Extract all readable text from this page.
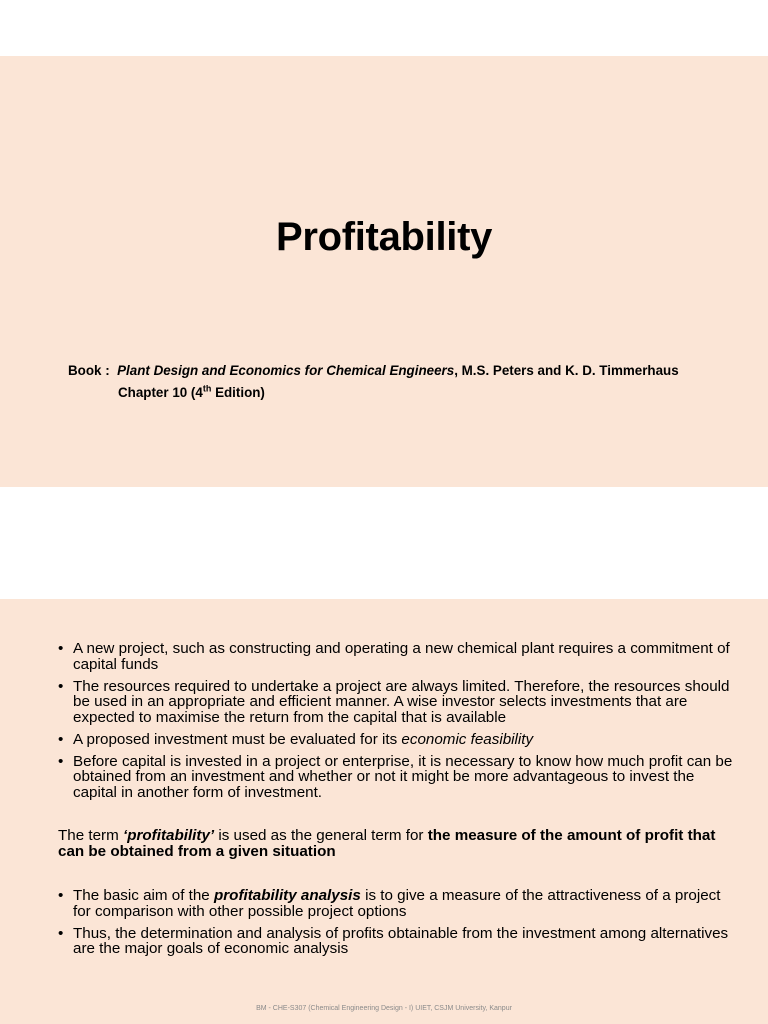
Profitability

Book : Plant Design and Economics for Chemical Engineers, M.S. Peters and K. D. Timmerhaus

Chapter 10 (4th Edition)

• A new project, such as constructing and operating a new chemical plant requires a commitment of capital funds
• The resources required to undertake a project are always limited. Therefore, the resources should be used in an appropriate and efficient manner. A wise investor selects investments that are expected to maximise the return from the capital that is available
• A proposed investment must be evaluated for its economic feasibility
• Before capital is invested in a project or enterprise, it is necessary to know how much profit can be obtained from an investment and whether or not it might be more advantageous to invest the capital in another form of investment.

The term ‘profitability’ is used as the general term for the measure of the amount of profit that can be obtained from a given situation

• The basic aim of the profitability analysis is to give a measure of the attractiveness of a project for comparison with other possible project options
• Thus, the determination and analysis of profits obtainable from the investment among alternatives are the major goals of economic analysis
BM - CHE-S307 (Chemical Engineering Design - I) UIET, CSJM University, Kanpur
